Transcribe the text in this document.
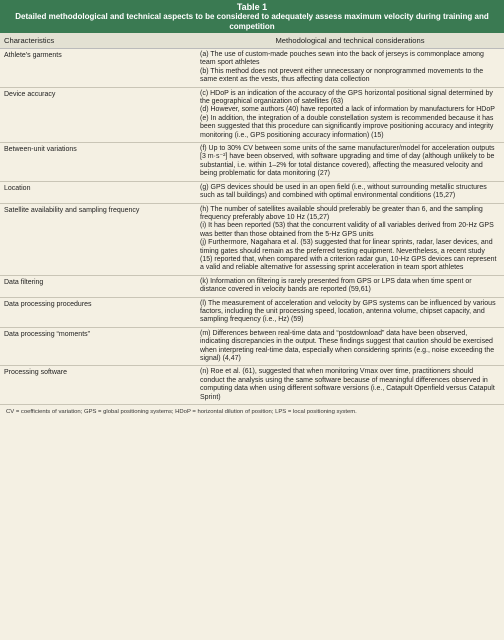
Table 1
Detailed methodological and technical aspects to be considered to adequately assess maximum velocity during training and competition
Characteristics	Methodological and technical considerations
Athlete's garments	(a) The use of custom-made pouches sewn into the back of jerseys is commonplace among team sport athletes
(b) This method does not prevent either unnecessary or nonprogrammed movements to the same extent as the vests, thus affecting data collection
Device accuracy	(c) HDoP is an indication of the accuracy of the GPS horizontal positional signal determined by the geographical organization of satellites (63)
(d) However, some authors (40) have reported a lack of information by manufacturers for HDoP
(e) In addition, the integration of a double constellation system is recommended because it has been suggested that this procedure can significantly improve positioning accuracy and integrity monitoring (i.e., GPS positioning accuracy information) (15)
Between-unit variations	(f) Up to 30% CV between some units of the same manufacturer/model for acceleration outputs [3 m·s⁻²] have been observed, with software upgrading and time of day (although unlikely to be substantial, i.e. within 1–2% for total distance covered), affecting the measured velocity and being problematic for data monitoring (27)
Location	(g) GPS devices should be used in an open field (i.e., without surrounding metallic structures such as tall buildings) and combined with optimal environmental conditions (15,27)
Satellite availability and sampling frequency	(h) The number of satellites available should preferably be greater than 6, and the sampling frequency preferably above 10 Hz (15,27)
(i) It has been reported (53) that the concurrent validity of all variables derived from 20-Hz GPS was better than those obtained from the 5-Hz GPS units
(j) Furthermore, Nagahara et al. (53) suggested that for linear sprints, radar, laser devices, and timing gates should remain as the preferred testing equipment. Nevertheless, a recent study (15) reported that, when compared with a criterion radar gun, 10-Hz GPS devices can represent a valid and reliable alternative for assessing sprint acceleration in team sport athletes
Data filtering	(k) Information on filtering is rarely presented from GPS or LPS data when time spent or distance covered in velocity bands are reported (59,61)
Data processing procedures	(l) The measurement of acceleration and velocity by GPS systems can be influenced by various factors, including the unit processing speed, location, antenna volume, chipset capacity, and sampling frequency (i.e., Hz) (59)
Data processing “moments”	(m) Differences between real-time data and “postdownload” data have been observed, indicating discrepancies in the output. These findings suggest that caution should be exercised when interpreting real-time data, especially when considering sprints (e.g., noise exceeding the signal) (4,47)
Processing software	(n) Roe et al. (61), suggested that when monitoring Vmax over time, practitioners should conduct the analysis using the same software because of meaningful differences observed in computing data when using different software versions (i.e., Catapult Openfield versus Catapult Sprint)
CV = coefficients of variation; GPS = global positioning systems; HDoP = horizontal dilution of position; LPS = local positioning system.
